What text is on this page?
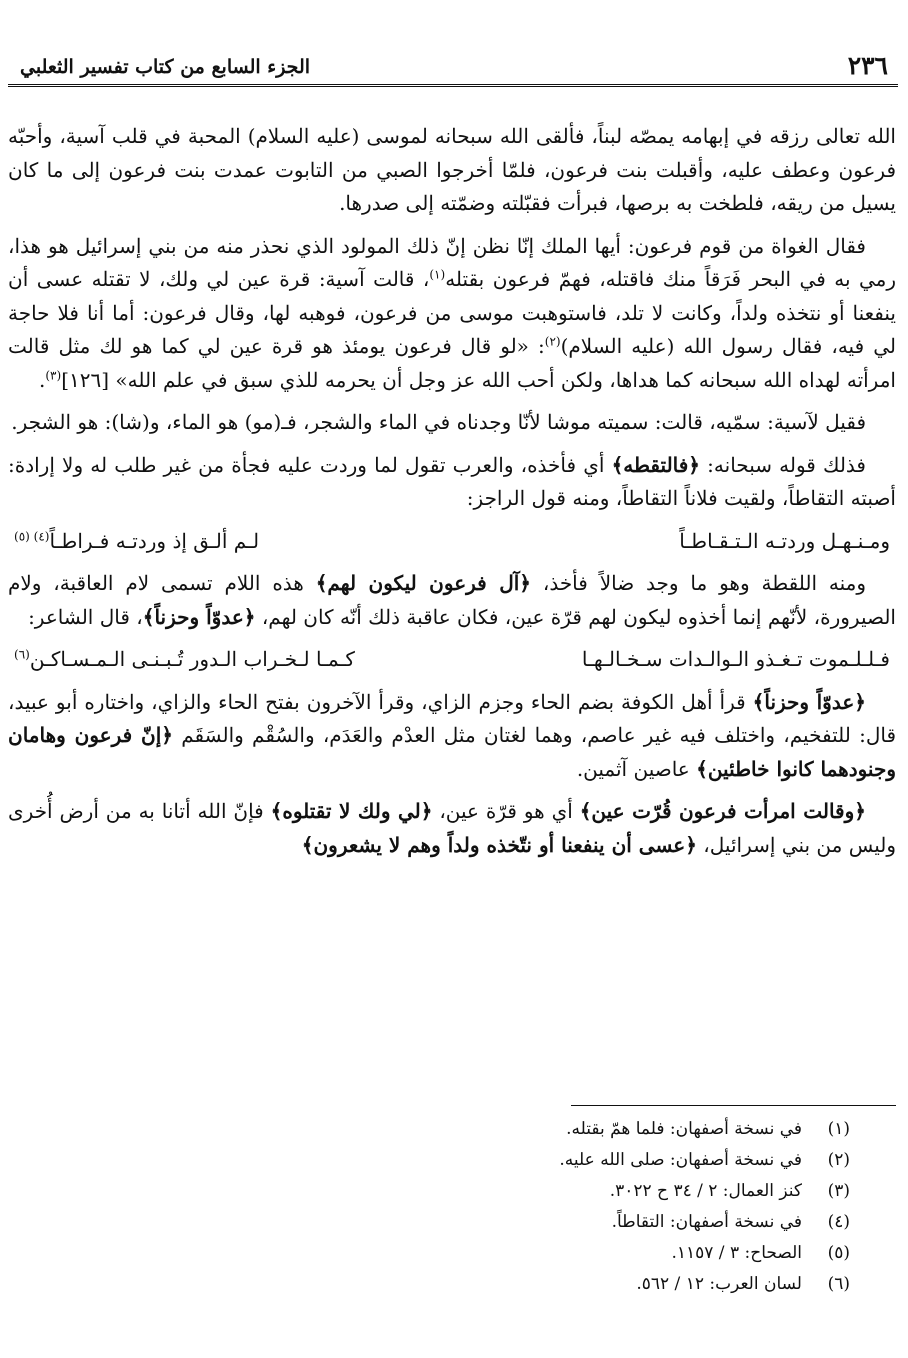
٢٣٦
الجزء السابع من كتاب تفسير الثعلبي

الله تعالى رزقه في إبهامه يمصّه لبناً، فألقى الله سبحانه لموسى (عليه السلام) المحبة في قلب آسية، وأحبّه فرعون وعطف عليه، وأقبلت بنت فرعون، فلمّا أخرجوا الصبي من التابوت عمدت بنت فرعون إلى ما كان يسيل من ريقه، فلطخت به برصها، فبرأت فقبّلته وضمّته إلى صدرها.

فقال الغواة من قوم فرعون: أيها الملك إنّا نظن إنّ ذلك المولود الذي نحذر منه من بني إسرائيل هو هذا، رمي به في البحر فَرَقاً منك فاقتله، فهمّ فرعون بقتله$^{(١)}$، قالت آسية: قرة عين لي ولك، لا تقتله عسى أن ينفعنا أو نتخذه ولداً، وكانت لا تلد، فاستوهبت موسى من فرعون، فوهبه لها، وقال فرعون: أما أنا فلا حاجة لي فيه، فقال رسول الله (عليه السلام)$^{(٢)}$: «لو قال فرعون يومئذ هو قرة عين لي كما هو لك مثل قالت امرأته لهداه الله سبحانه كما هداها، ولكن أحب الله عز وجل أن يحرمه للذي سبق في علم الله» [١٢٦]$^{(٣)}$.

فقيل لآسية: سمّيه، قالت: سميته موشا لأنّا وجدناه في الماء والشجر، فـ(مو) هو الماء، و(شا): هو الشجر.

فذلك قوله سبحانه: ﴿فالتقطه﴾ أي فأخذه، والعرب تقول لما وردت عليه فجأة من غير طلب له ولا إرادة: أصبته التقاطاً، ولقيت فلاناً التقاطاً، ومنه قول الراجز:

ومـنـهـل وردتـه الـتـقـاطـاً
لـم ألـق إذ وردتـه فـراطـاً$^{(٤) (٥)}$

ومنه اللقطة وهو ما وجد ضالاً فأخذ، ﴿آل فرعون ليكون لهم﴾ هذه اللام تسمى لام العاقبة، ولام الصيرورة، لأنّهم إنما أخذوه ليكون لهم قرّة عين، فكان عاقبة ذلك أنّه كان لهم، ﴿عدوّاً وحزناً﴾، قال الشاعر:

فـلـلـموت تـغـذو الـوالـدات سـخـالـهـا
كـمـا لـخـراب الـدور تُـبـنـى الـمـسـاكـن$^{(٦)}$

﴿عدوّاً وحزناً﴾ قرأ أهل الكوفة بضم الحاء وجزم الزاي، وقرأ الآخرون بفتح الحاء والزاي، واختاره أبو عبيد، قال: للتفخيم، واختلف فيه غير عاصم، وهما لغتان مثل العدْم والعَدَم، والسُقْم والسَقَم ﴿إنّ فرعون وهامان وجنودهما كانوا خاطئين﴾ عاصين آثمين.

﴿وقالت امرأت فرعون قُرّت عين﴾ أي هو قرّة عين، ﴿لي ولك لا تقتلوه﴾ فإنّ الله أتانا به من أرض أُخرى وليس من بني إسرائيل، ﴿عسى أن ينفعنا أو نتّخذه ولداً وهم لا يشعرون﴾

(١)
في نسخة أصفهان: فلما همّ بقتله.
(٢)
في نسخة أصفهان: صلى الله عليه.
(٣)
كنز العمال: ٢ / ٣٤ ح ٣٠٢٢.
(٤)
في نسخة أصفهان: التقاطاً.
(٥)
الصحاح: ٣ / ١١٥٧.
(٦)
لسان العرب: ١٢ / ٥٦٢.
